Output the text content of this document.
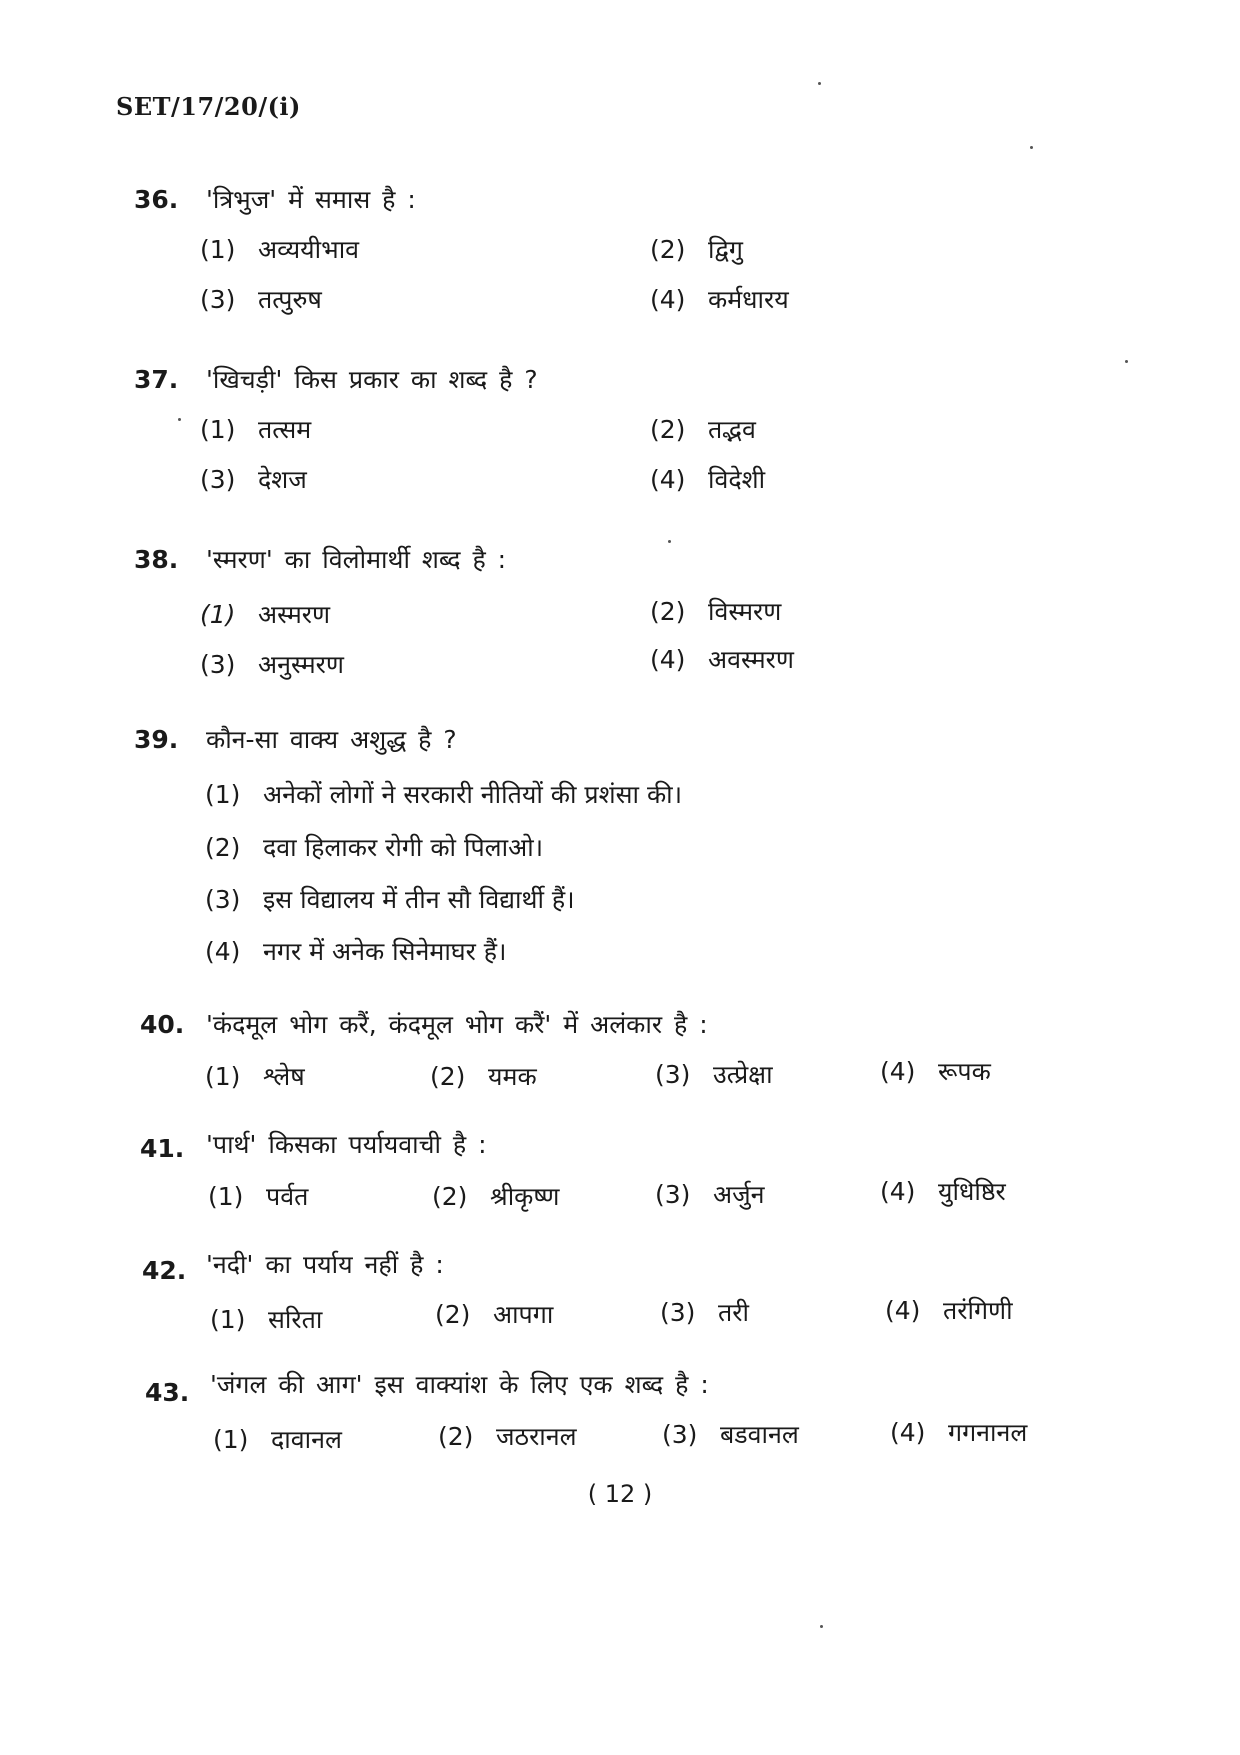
SET/17/20/(i)
36. 'त्रिभुज' में समास है :
(1) अव्ययीभाव	(2) द्विगु
(3) तत्पुरुष	(4) कर्मधारय
37. 'खिचड़ी' किस प्रकार का शब्द है ?
(1) तत्सम	(2) तद्भव
(3) देशज	(4) विदेशी
38. 'स्मरण' का विलोमार्थी शब्द है :
(1) अस्मरण	(2) विस्मरण
(3) अनुस्मरण	(4) अवस्मरण
39. कौन-सा वाक्य अशुद्ध है ?
(1) अनेकों लोगों ने सरकारी नीतियों की प्रशंसा की।
(2) दवा हिलाकर रोगी को पिलाओ।
(3) इस विद्यालय में तीन सौ विद्यार्थी हैं।
(4) नगर में अनेक सिनेमाघर हैं।
40. 'कंदमूल भोग करैं, कंदमूल भोग करैं' में अलंकार है :
(1) श्लेष	(2) यमक	(3) उत्प्रेक्षा	(4) रूपक
41. 'पार्थ' किसका पर्यायवाची है :
(1) पर्वत	(2) श्रीकृष्ण	(3) अर्जुन	(4) युधिष्ठिर
42. 'नदी' का पर्याय नहीं है :
(1) सरिता	(2) आपगा	(3) तरी	(4) तरंगिणी
43. 'जंगल की आग' इस वाक्यांश के लिए एक शब्द है :
(1) दावानल	(2) जठरानल	(3) बडवानल	(4) गगनानल
( 12 )
